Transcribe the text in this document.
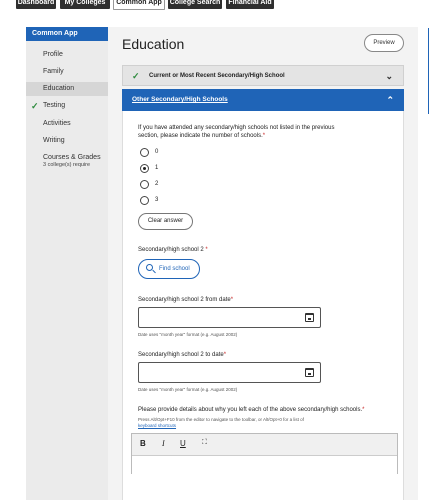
Dashboard	My Colleges	Common App	College Search	Financial Aid
Common App
Profile
Family
Education
✓ Testing
Activities
Writing
Courses & Grades
3 college(s) require
Education	Preview
✓ Current or Most Recent Secondary/High School	⌄
Other Secondary/High Schools	⌃
If you have attended any secondary/high schools not listed in the previous section, please indicate the number of schools.*
0
1
2
3
Clear answer
Secondary/high school 2 *
Find school
Secondary/high school 2 from date*
Date uses "month year" format (e.g. August 2002)
Secondary/high school 2 to date*
Date uses "month year" format (e.g. August 2002)
Please provide details about why you left each of the above secondary/high schools.*
Press Alt/Opt+F10 from the editor to navigate to the toolbar, or Alt/Opt+0 for a list of
keyboard shortcuts
B I U ⛶
